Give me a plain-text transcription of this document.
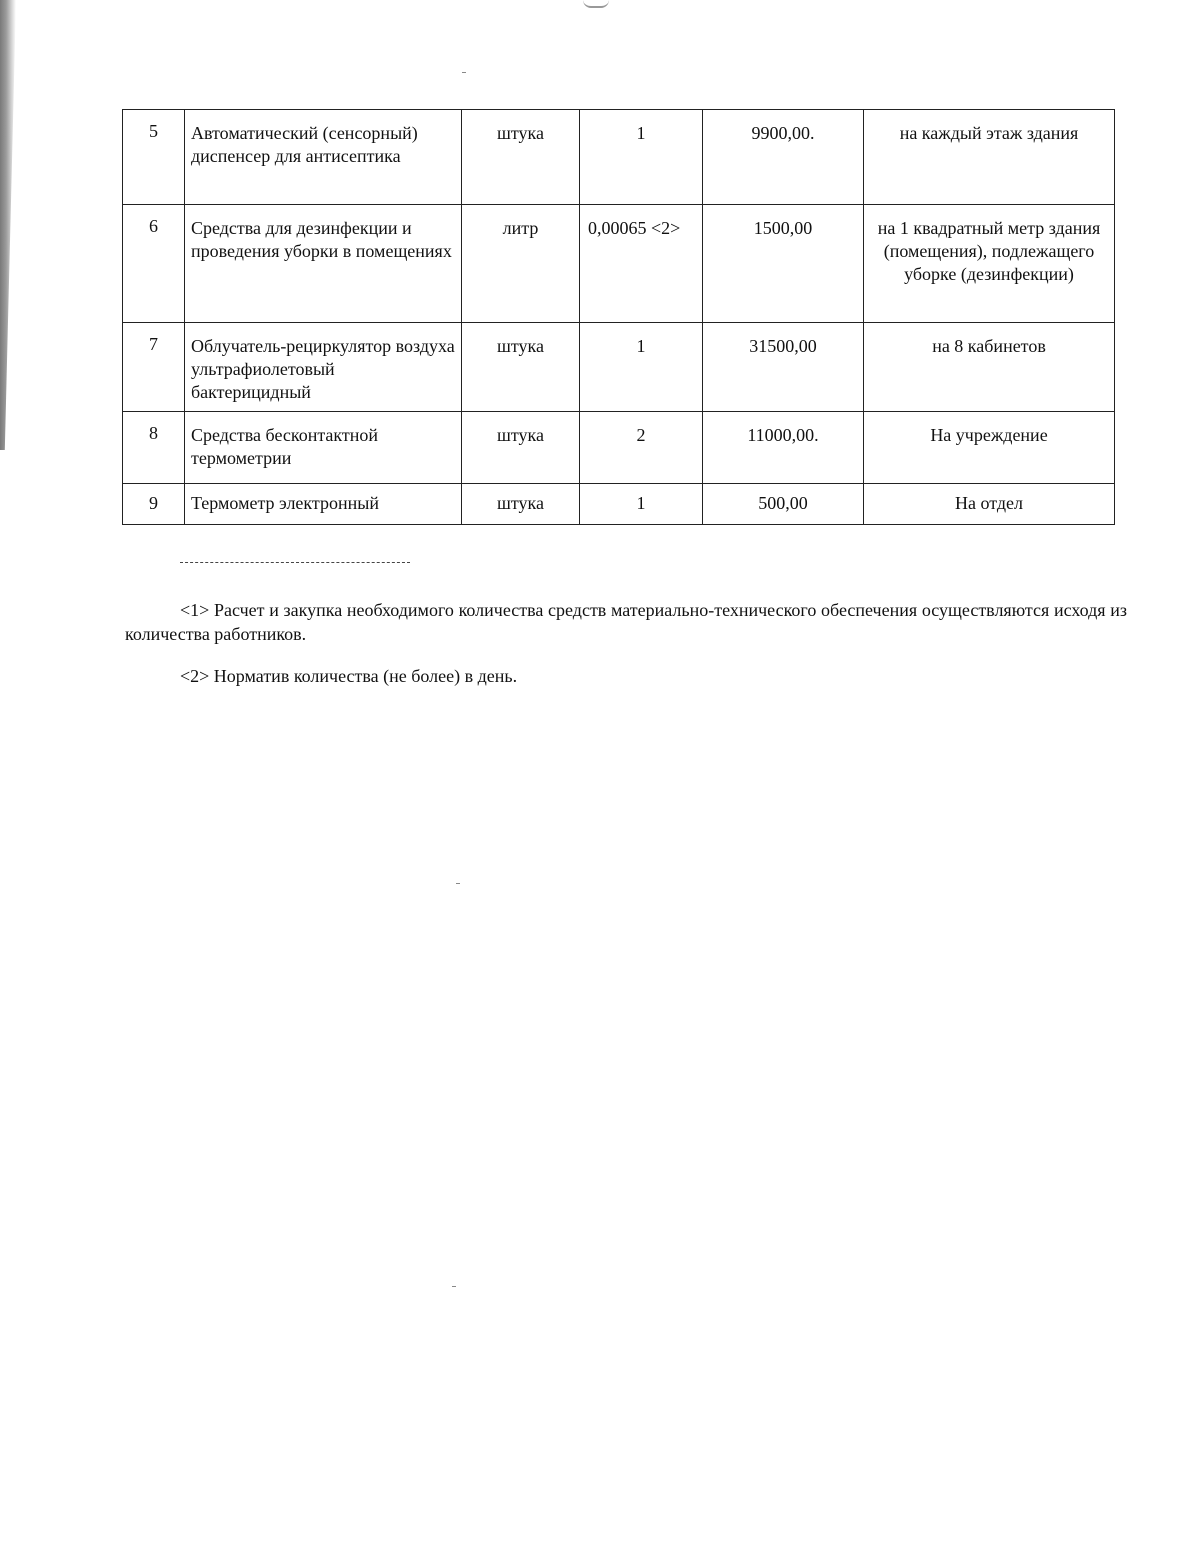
5	Автоматический (сенсорный) диспенсер для антисептика	штука	1	9900,00.	на каждый этаж здания
6	Средства для дезинфекции и проведения уборки в помещениях	литр	0,00065 <2>	1500,00	на 1 квадратный метр здания (помещения), подлежащего уборке (дезинфекции)
7	Облучатель-рециркулятор воздуха ультрафиолетовый бактерицидный	штука	1	31500,00	на 8 кабинетов
8	Средства бесконтактной термометрии	штука	2	11000,00.	На учреждение
9	Термометр электронный	штука	1	500,00	На отдел

<1> Расчет и закупка необходимого количества средств материально-технического обеспечения осуществляются исходя из количества работников.

<2> Норматив количества (не более) в день.
